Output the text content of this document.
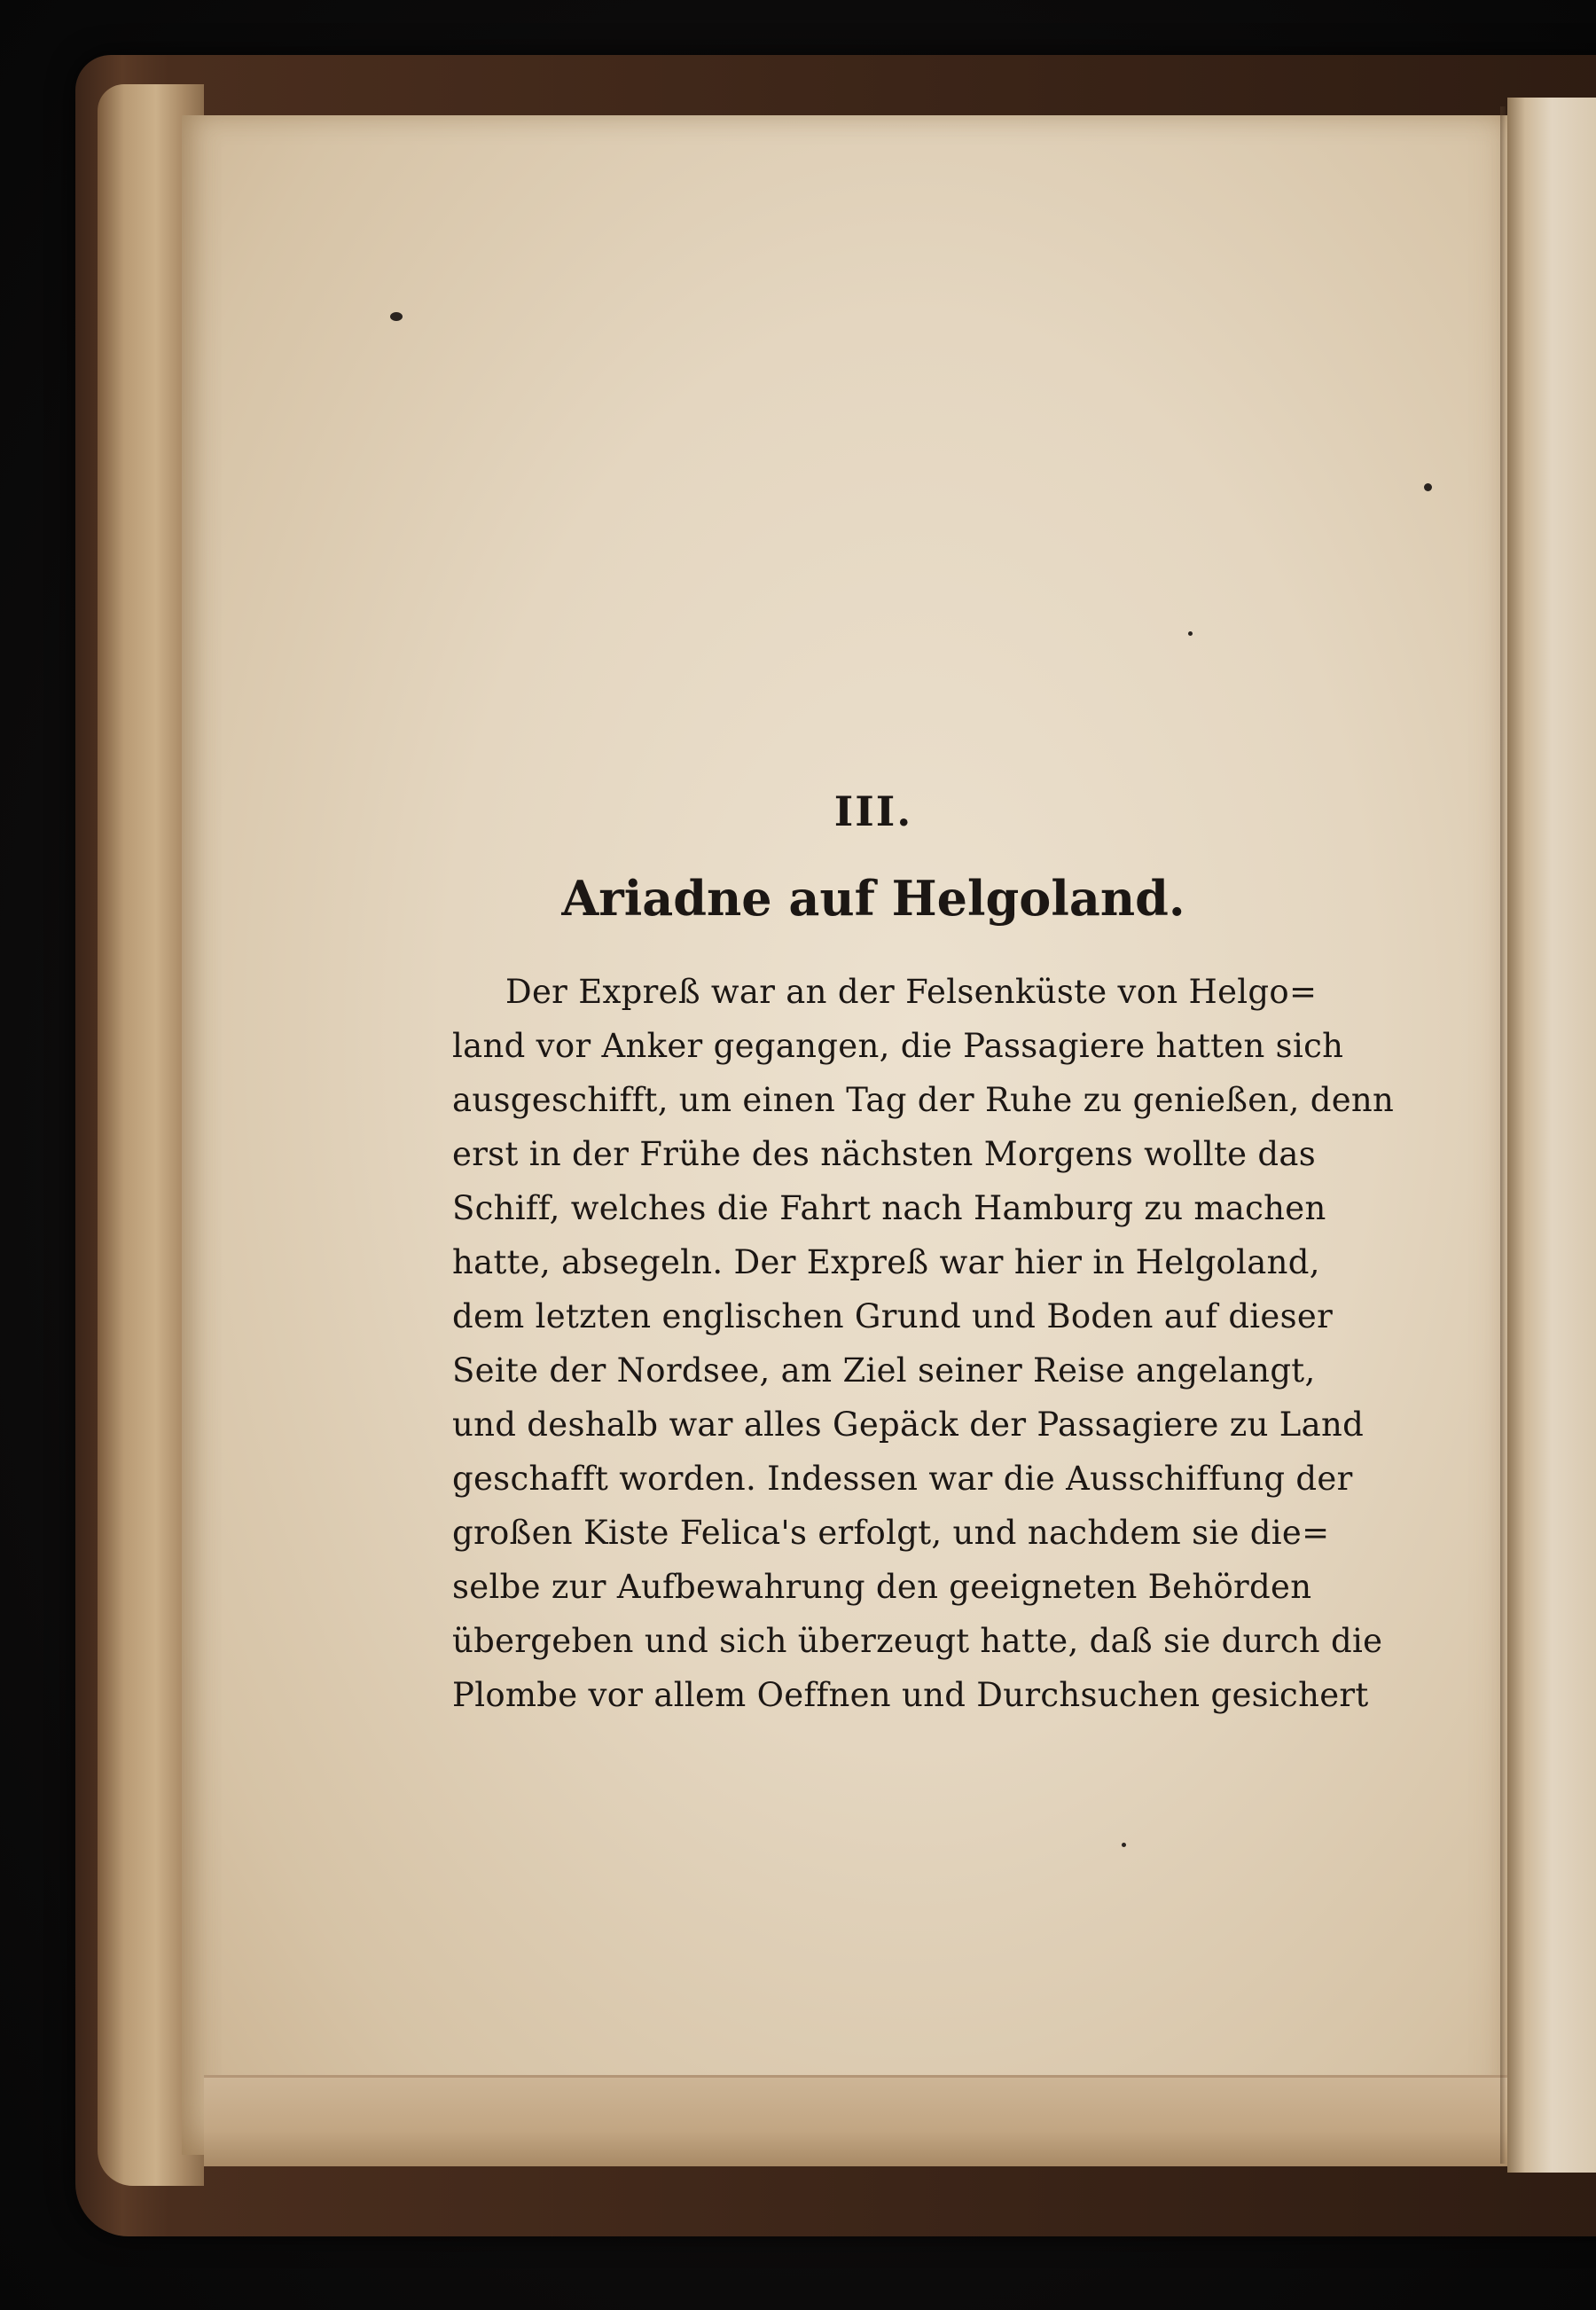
III.
Ariadne auf Helgoland.
Der Expreß war an der Felsenküste von Helgo=
land vor Anker gegangen, die Passagiere hatten sich
ausgeschifft, um einen Tag der Ruhe zu genießen, denn
erst in der Frühe des nächsten Morgens wollte das
Schiff, welches die Fahrt nach Hamburg zu machen
hatte, absegeln. Der Expreß war hier in Helgoland,
dem letzten englischen Grund und Boden auf dieser
Seite der Nordsee, am Ziel seiner Reise angelangt,
und deshalb war alles Gepäck der Passagiere zu Land
geschafft worden. Indessen war die Ausschiffung der
großen Kiste Felica's erfolgt, und nachdem sie die=
selbe zur Aufbewahrung den geeigneten Behörden
übergeben und sich überzeugt hatte, daß sie durch die
Plombe vor allem Oeffnen und Durchsuchen gesichert
